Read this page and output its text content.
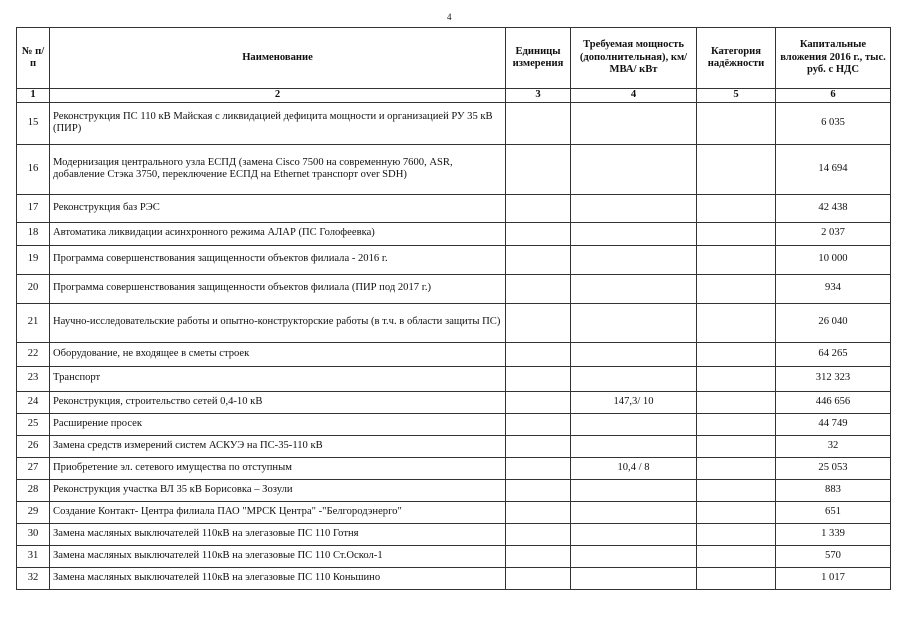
4
№ п/п	Наименование	Единицы измерения	Требуемая мощность (дополнительная), км/ МВА/ кВт	Категория надёжности	Капитальные вложения 2016 г., тыс. руб. с НДС
1	2	3	4	5	6
15	Реконструкция ПС 110 кВ Майская с ликвидацией дефицита мощности и организацией РУ 35 кВ (ПИР)				6 035
16	Модернизация центрального узла ЕСПД (замена Cisco 7500 на современную 7600, ASR, добавление Стэка 3750, переключение ЕСПД на Ethernet транспорт over SDH)				14 694
17	Реконструкция баз РЭС				42 438
18	Автоматика ликвидации асинхронного режима АЛАР (ПС Голофеевка)				2 037
19	Программа совершенствования защищенности объектов филиала - 2016 г.				10 000
20	Программа совершенствования защищенности объектов филиала (ПИР под 2017 г.)				934
21	Научно-исследовательские работы и опытно-конструкторские работы (в т.ч. в области защиты ПС)				26 040
22	Оборудование, не входящее в сметы строек				64 265
23	Транспорт				312 323
24	Реконструкция, строительство сетей 0,4-10 кВ		147,3/ 10		446 656
25	Расширение просек				44 749
26	Замена средств измерений систем АСКУЭ на ПС-35-110 кВ				32
27	Приобретение эл. сетевого имущества по отступным		10,4 / 8		25 053
28	Реконструкция участка ВЛ 35 кВ Борисовка – Зозули				883
29	Создание Контакт- Центра филиала ПАО "МРСК Центра" -"Белгородэнерго"				651
30	Замена масляных выключателей 110кВ на элегазовые ПС 110 Готня				1 339
31	Замена масляных выключателей 110кВ на элегазовые ПС 110 Ст.Оскол-1				570
32	Замена масляных выключателей 110кВ на элегазовые ПС 110 Коньшино				1 017
